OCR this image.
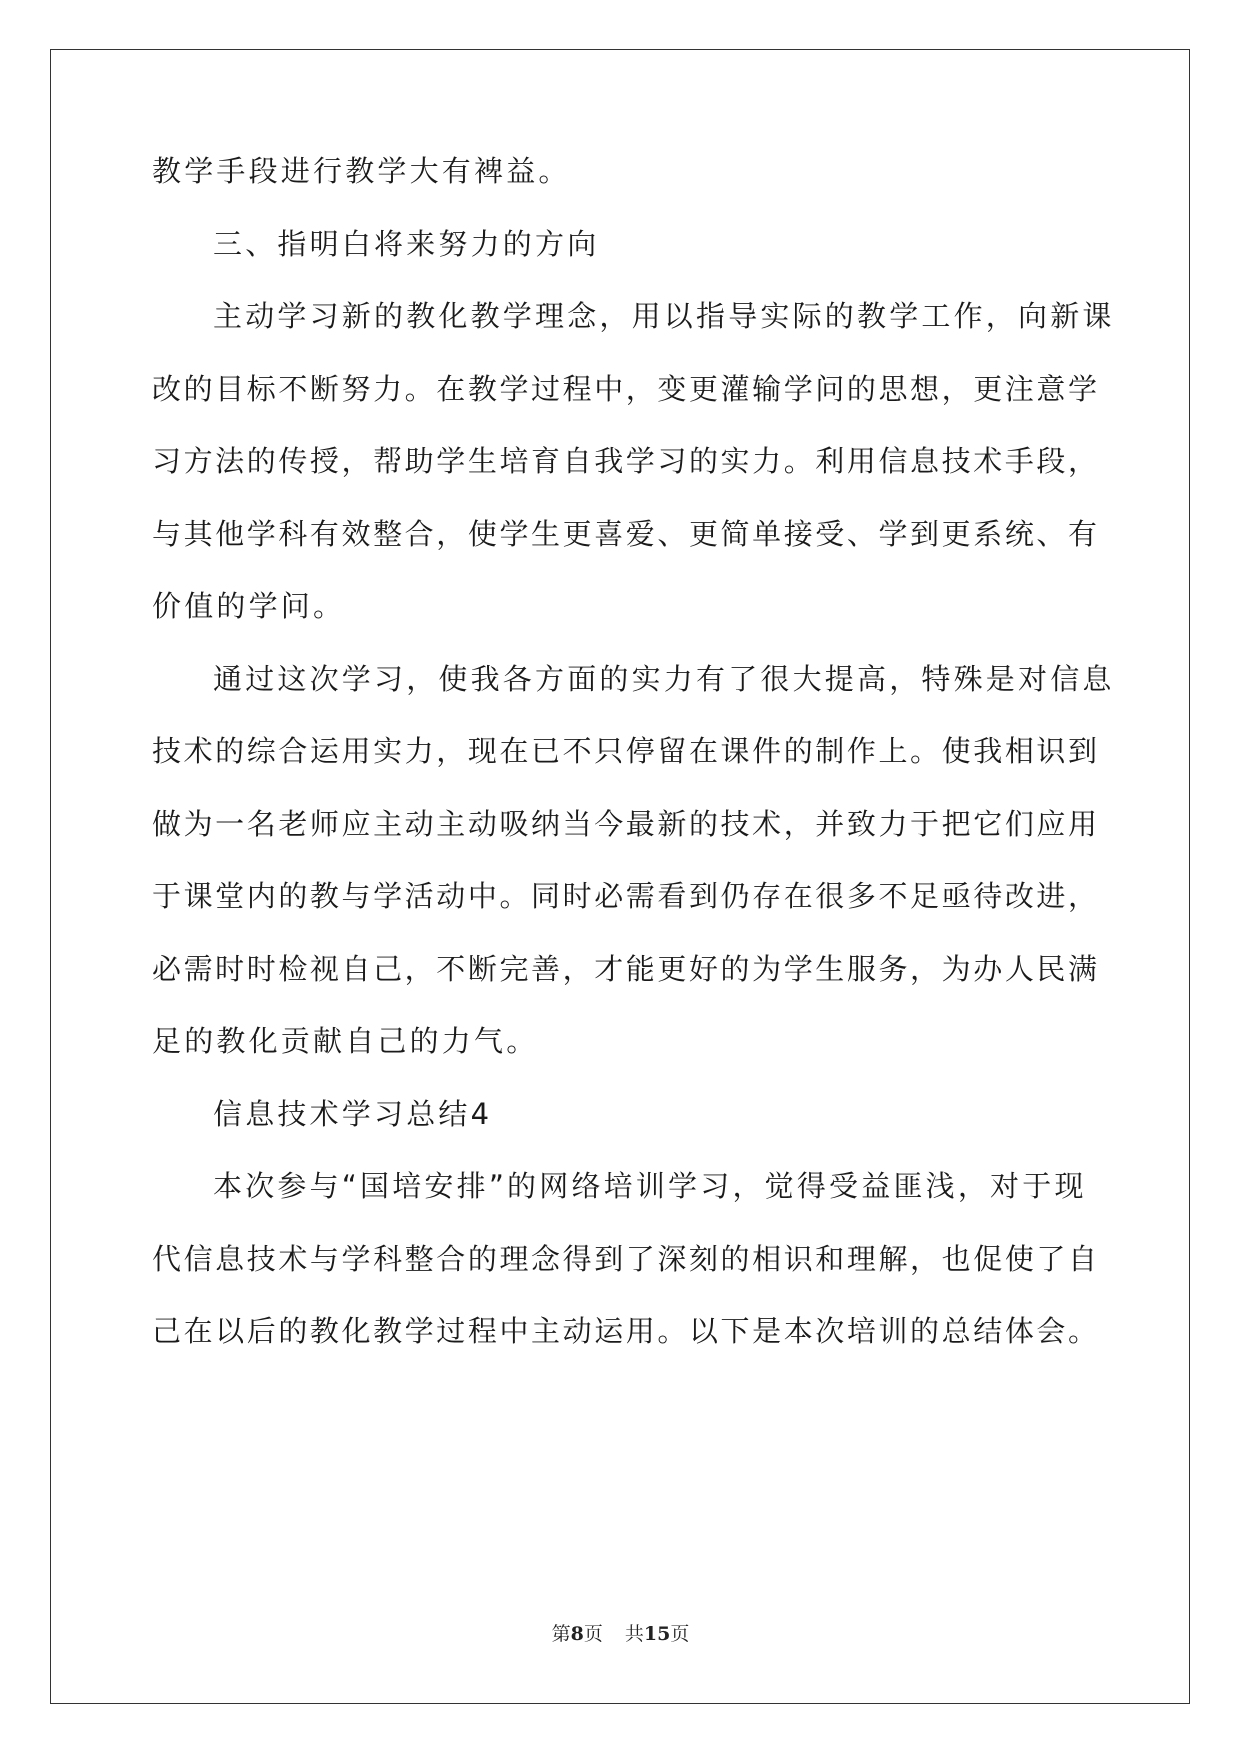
教学手段进行教学大有裨益。
三、指明白将来努力的方向
主动学习新的教化教学理念，用以指导实际的教学工作，向新课
改的目标不断努力。在教学过程中，变更灌输学问的思想，更注意学
习方法的传授，帮助学生培育自我学习的实力。利用信息技术手段，
与其他学科有效整合，使学生更喜爱、更简单接受、学到更系统、有
价值的学问。
通过这次学习，使我各方面的实力有了很大提高，特殊是对信息
技术的综合运用实力，现在已不只停留在课件的制作上。使我相识到
做为一名老师应主动主动吸纳当今最新的技术，并致力于把它们应用
于课堂内的教与学活动中。同时必需看到仍存在很多不足亟待改进，
必需时时检视自己，不断完善，才能更好的为学生服务，为办人民满
足的教化贡献自己的力气。
信息技术学习总结4
本次参与“国培安排”的网络培训学习，觉得受益匪浅，对于现
代信息技术与学科整合的理念得到了深刻的相识和理解，也促使了自
己在以后的教化教学过程中主动运用。以下是本次培训的总结体会。
第8页 共15页
